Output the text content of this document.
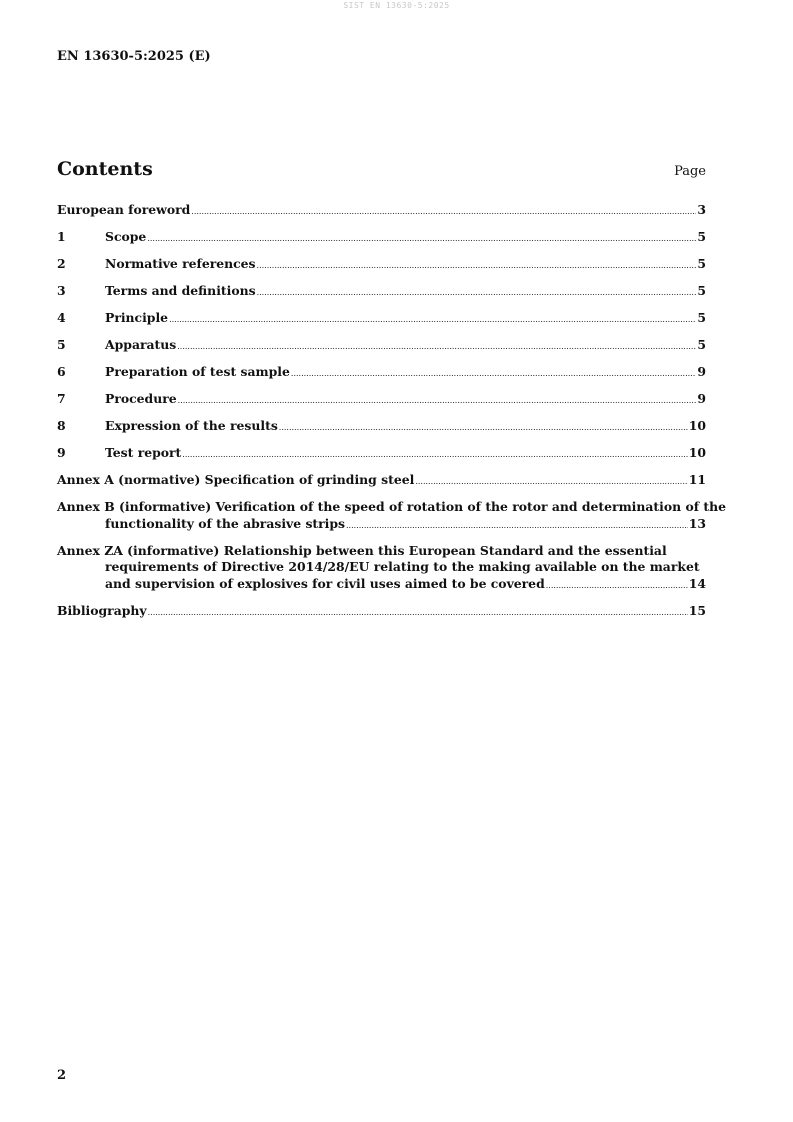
SIST EN 13630-5:2025
EN 13630-5:2025 (E)
Contents	Page
European foreword .....	3
1	Scope .....	5
2	Normative references .....	5
3	Terms and definitions .....	5
4	Principle .....	5
5	Apparatus .....	5
6	Preparation of test sample .....	9
7	Procedure .....	9
8	Expression of the results .....	10
9	Test report .....	10
Annex A (normative) Specification of grinding steel .....	11
Annex B (informative) Verification of the speed of rotation of the rotor and determination of the
functionality of the abrasive strips .....	13
Annex ZA (informative) Relationship between this European Standard and the essential
requirements of Directive 2014/28/EU relating to the making available on the market
and supervision of explosives for civil uses aimed to be covered .....	14
Bibliography .....	15
2
